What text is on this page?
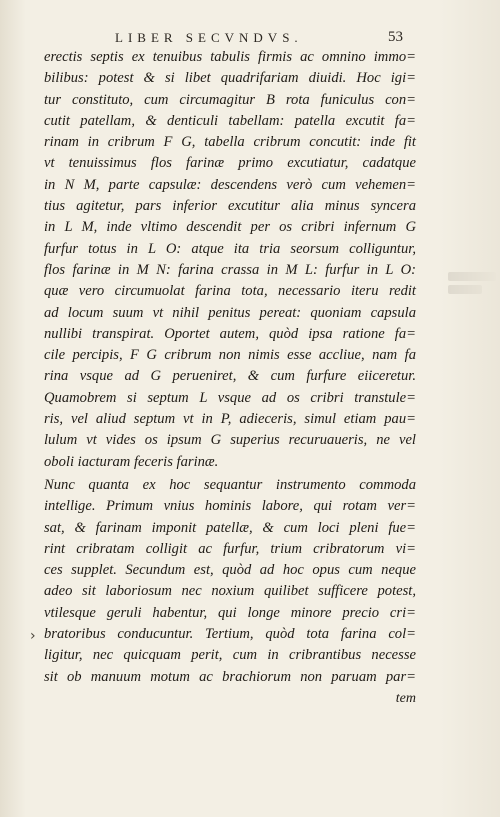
LIBER SECVNDVS.	53
erectis septis ex tenuibus tabulis firmis ac omnino immo=
bilibus: potest & si libet quadrifariam diuidi. Hoc igi=
tur constituto, cum circumagitur B rota funiculus con=
cutit patellam, & denticuli tabellam: patella excutit fa=
rinam in cribrum F G, tabella cribrum concutit: inde fit
vt tenuissimus flos farinæ primo excutiatur, cadatque
in N M, parte capsulæ: descendens verò cum vehemen=
tius agitetur, pars inferior excutitur alia minus syncera
in L M, inde vltimo descendit per os cribri infernum G
furfur totus in L O: atque ita tria seorsum colliguntur,
flos farinæ in M N: farina crassa in M L: furfur in L O:
quæ vero circumuolat farina tota, necessario iteru redit
ad locum suum vt nihil penitus pereat: quoniam capsula
nullibi transpirat. Oportet autem, quòd ipsa ratione fa=
cile percipis, F G cribrum non nimis esse accliue, nam fa
rina vsque ad G perueniret, & cum furfure eiiceretur.
Quamobrem si septum L vsque ad os cribri transtule=
ris, vel aliud septum vt in P, adieceris, simul etiam pau=
lulum vt vides os ipsum G superius recuruaueris, ne vel
oboli iacturam feceris farinæ.
Nunc quanta ex hoc sequantur instrumento commoda
intellige. Primum vnius hominis labore, qui rotam ver=
sat, & farinam imponit patellæ, & cum loci pleni fue=
rint cribratam colligit ac furfur, trium cribratorum vi=
ces supplet. Secundum est, quòd ad hoc opus cum neque
adeo sit laboriosum nec noxium quilibet sufficere potest,
vtilesque geruli habentur, qui longe minore precio cri=
bratoribus conducuntur. Tertium, quòd tota farina col=
ligitur, nec quicquam perit, cum in cribrantibus necesse
sit ob manuum motum ac brachiorum non paruam par=
tem
›
